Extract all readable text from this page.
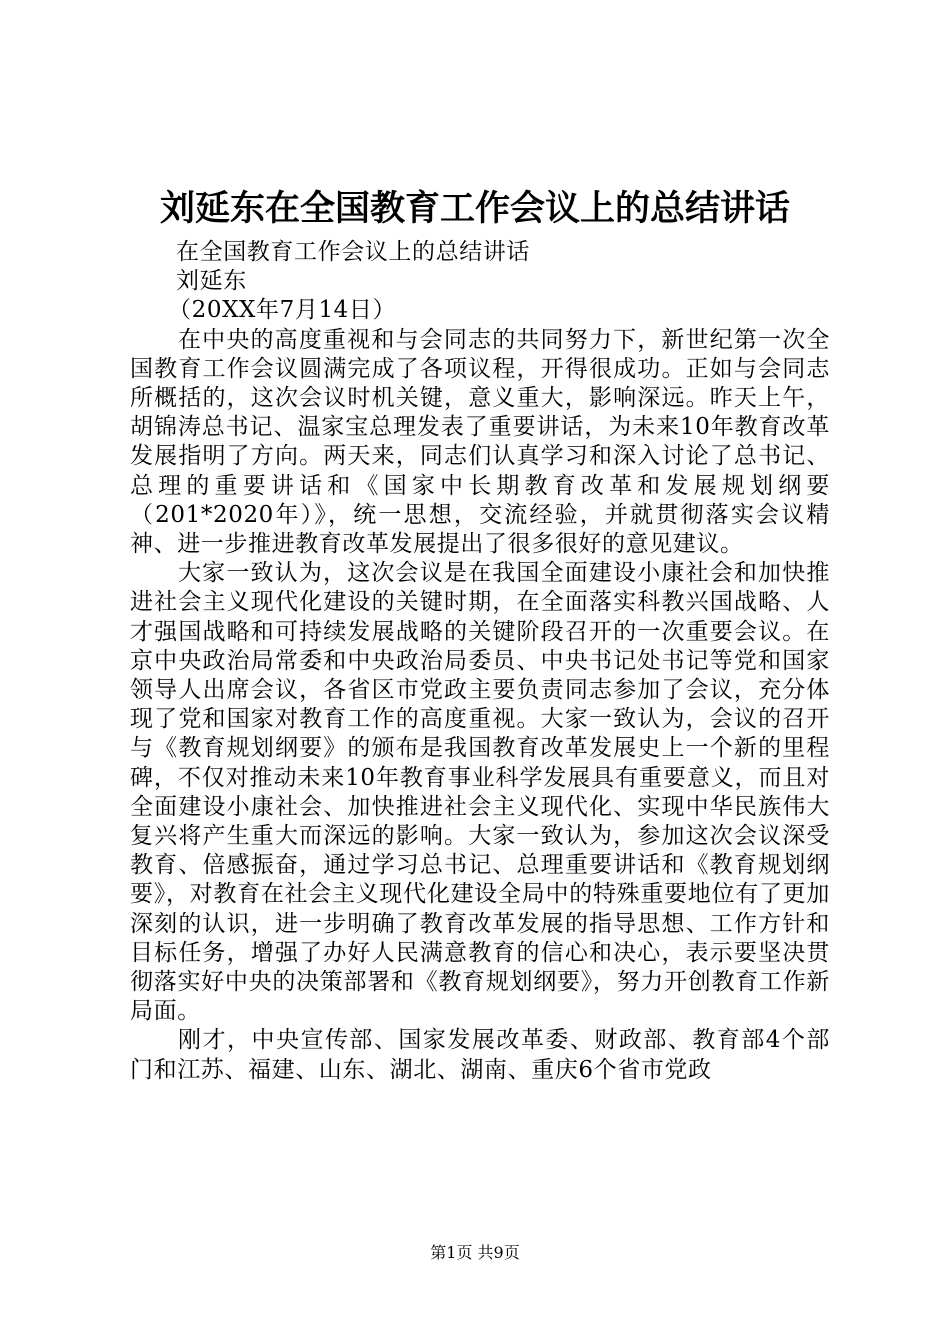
刘延东在全国教育工作会议上的总结讲话

在全国教育工作会议上的总结讲话

刘延东

（20XX年7月14日）

在中央的高度重视和与会同志的共同努力下，新世纪第一次全国教育工作会议圆满完成了各项议程，开得很成功。正如与会同志所概括的，这次会议时机关键，意义重大，影响深远。昨天上午，胡锦涛总书记、温家宝总理发表了重要讲话，为未来10年教育改革发展指明了方向。两天来，同志们认真学习和深入讨论了总书记、总理的重要讲话和《国家中长期教育改革和发展规划纲要（201*2020年）》，统一思想，交流经验，并就贯彻落实会议精神、进一步推进教育改革发展提出了很多很好的意见建议。

大家一致认为，这次会议是在我国全面建设小康社会和加快推进社会主义现代化建设的关键时期，在全面落实科教兴国战略、人才强国战略和可持续发展战略的关键阶段召开的一次重要会议。在京中央政治局常委和中央政治局委员、中央书记处书记等党和国家领导人出席会议，各省区市党政主要负责同志参加了会议，充分体现了党和国家对教育工作的高度重视。大家一致认为，会议的召开与《教育规划纲要》的颁布是我国教育改革发展史上一个新的里程碑，不仅对推动未来10年教育事业科学发展具有重要意义，而且对全面建设小康社会、加快推进社会主义现代化、实现中华民族伟大复兴将产生重大而深远的影响。大家一致认为，参加这次会议深受教育、倍感振奋，通过学习总书记、总理重要讲话和《教育规划纲要》，对教育在社会主义现代化建设全局中的特殊重要地位有了更加深刻的认识，进一步明确了教育改革发展的指导思想、工作方针和目标任务，增强了办好人民满意教育的信心和决心，表示要坚决贯彻落实好中央的决策部署和《教育规划纲要》，努力开创教育工作新局面。

刚才，中央宣传部、国家发展改革委、财政部、教育部4个部门和江苏、福建、山东、湖北、湖南、重庆6个省市党政

第1页 共9页
